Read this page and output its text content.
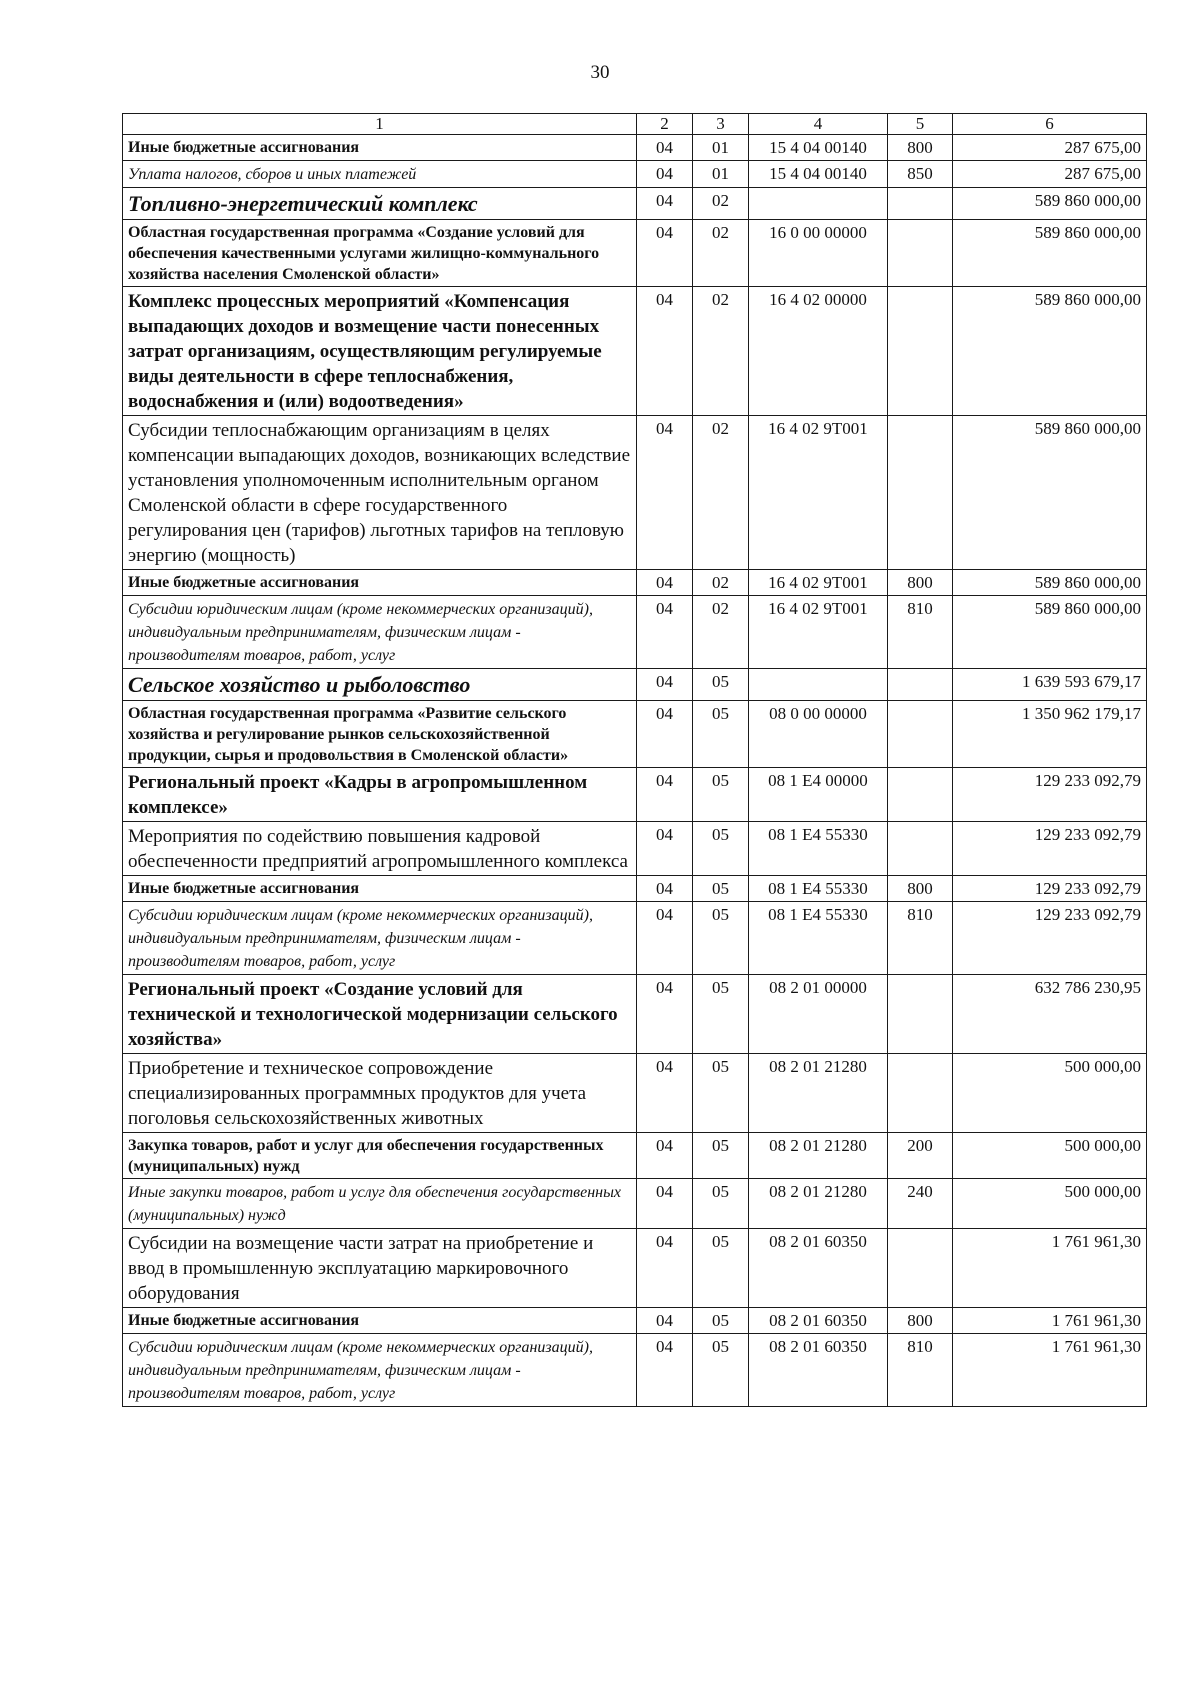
30
1	2	3	4	5	6
Иные бюджетные ассигнования	04	01	15 4 04 00140	800	287 675,00
Уплата налогов, сборов и иных платежей	04	01	15 4 04 00140	850	287 675,00
Топливно-энергетический комплекс	04	02			589 860 000,00
Областная государственная программа «Создание условий для обеспечения качественными услугами жилищно-коммунального хозяйства населения Смоленской области»	04	02	16 0 00 00000		589 860 000,00
Комплекс процессных мероприятий «Компенсация выпадающих доходов и возмещение части понесенных затрат организациям, осуществляющим регулируемые виды деятельности в сфере теплоснабжения, водоснабжения и (или) водоотведения»	04	02	16 4 02 00000		589 860 000,00
Субсидии теплоснабжающим организациям в целях компенсации выпадающих доходов, возникающих вследствие установления уполномоченным исполнительным органом Смоленской области в сфере государственного регулирования цен (тарифов) льготных тарифов на тепловую энергию (мощность)	04	02	16 4 02 9Т001		589 860 000,00
Иные бюджетные ассигнования	04	02	16 4 02 9Т001	800	589 860 000,00
Субсидии юридическим лицам (кроме некоммерческих организаций), индивидуальным предпринимателям, физическим лицам - производителям товаров, работ, услуг	04	02	16 4 02 9Т001	810	589 860 000,00
Сельское хозяйство и рыболовство	04	05			1 639 593 679,17
Областная государственная программа «Развитие сельского хозяйства и регулирование рынков сельскохозяйственной продукции, сырья и продовольствия в Смоленской области»	04	05	08 0 00 00000		1 350 962 179,17
Региональный проект «Кадры в агропромышленном комплексе»	04	05	08 1 Е4 00000		129 233 092,79
Мероприятия по содействию повышения кадровой обеспеченности предприятий агропромышленного комплекса	04	05	08 1 Е4 55330		129 233 092,79
Иные бюджетные ассигнования	04	05	08 1 Е4 55330	800	129 233 092,79
Субсидии юридическим лицам (кроме некоммерческих организаций), индивидуальным предпринимателям, физическим лицам - производителям товаров, работ, услуг	04	05	08 1 Е4 55330	810	129 233 092,79
Региональный проект «Создание условий для технической и технологической модернизации сельского хозяйства»	04	05	08 2 01 00000		632 786 230,95
Приобретение и техническое сопровождение специализированных программных продуктов для учета поголовья сельскохозяйственных животных	04	05	08 2 01 21280		500 000,00
Закупка товаров, работ и услуг для обеспечения государственных (муниципальных) нужд	04	05	08 2 01 21280	200	500 000,00
Иные закупки товаров, работ и услуг для обеспечения государственных (муниципальных) нужд	04	05	08 2 01 21280	240	500 000,00
Субсидии на возмещение части затрат на приобретение и ввод в промышленную эксплуатацию маркировочного оборудования	04	05	08 2 01 60350		1 761 961,30
Иные бюджетные ассигнования	04	05	08 2 01 60350	800	1 761 961,30
Субсидии юридическим лицам (кроме некоммерческих организаций), индивидуальным предпринимателям, физическим лицам - производителям товаров, работ, услуг	04	05	08 2 01 60350	810	1 761 961,30
